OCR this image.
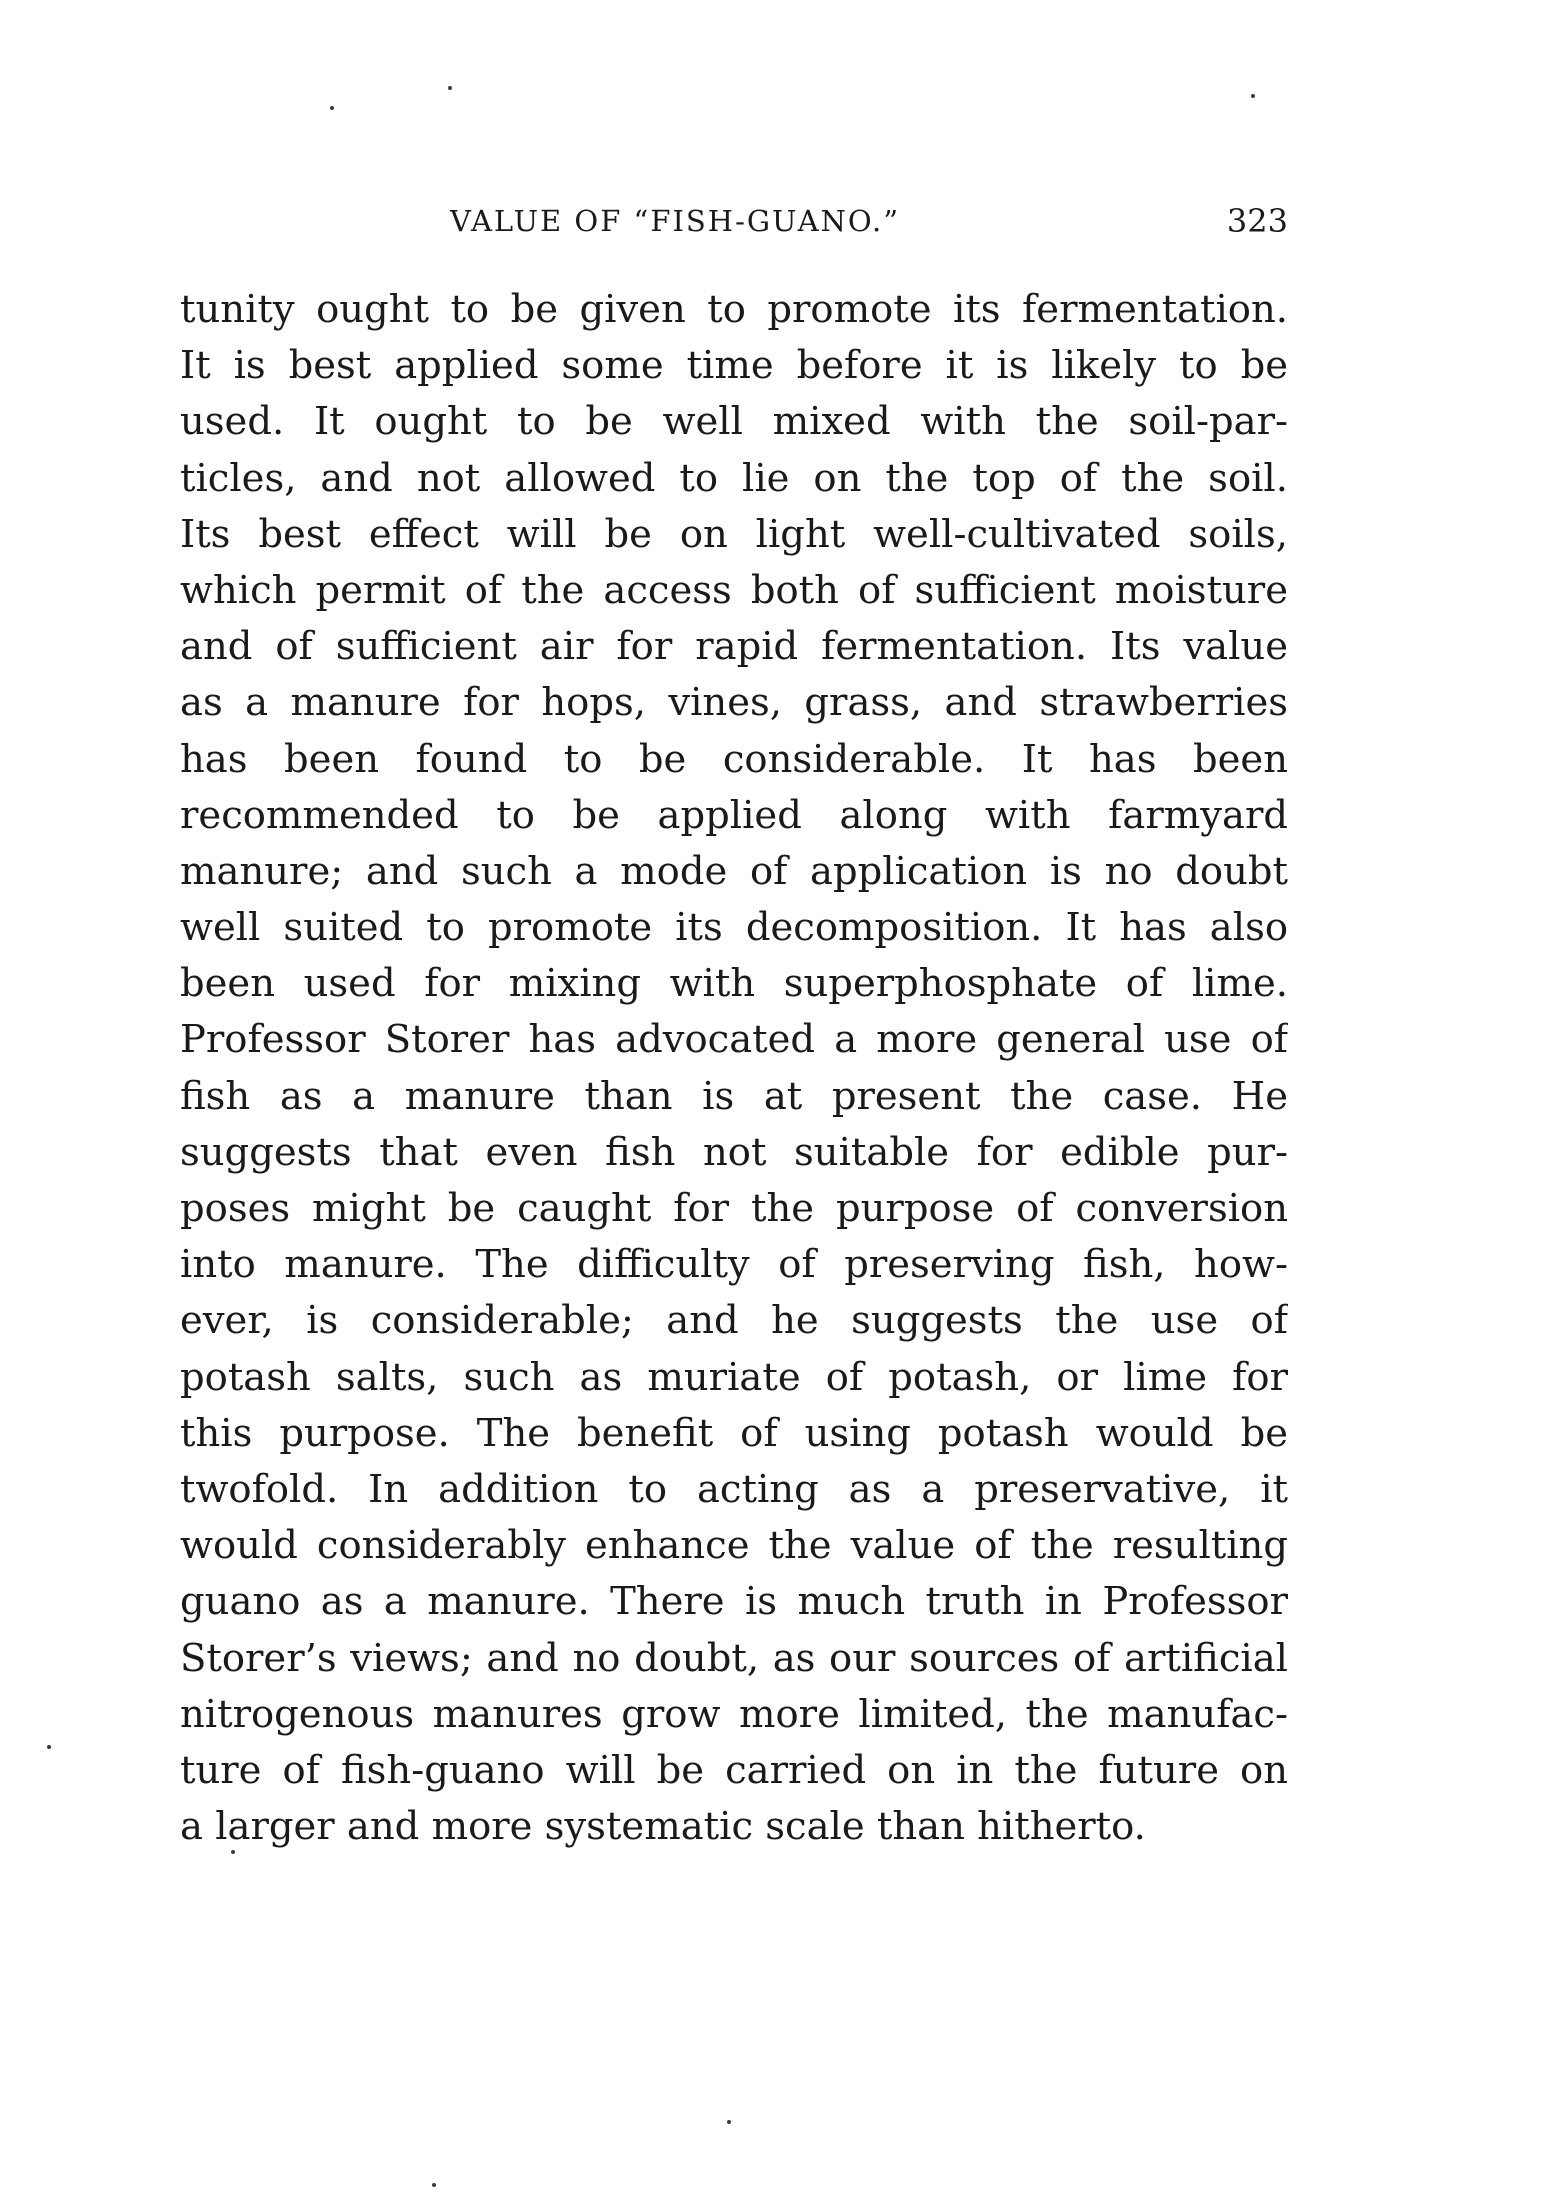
VALUE OF “FISH-GUANO.”	323
tunity ought to be given to promote its fermentation.
It is best applied some time before it is likely to be
used. It ought to be well mixed with the soil-par-
ticles, and not allowed to lie on the top of the soil.
Its best effect will be on light well-cultivated soils,
which permit of the access both of sufficient moisture
and of sufficient air for rapid fermentation. Its value
as a manure for hops, vines, grass, and strawberries
has been found to be considerable. It has been
recommended to be applied along with farmyard
manure; and such a mode of application is no doubt
well suited to promote its decomposition. It has also
been used for mixing with superphosphate of lime.
Professor Storer has advocated a more general use of
fish as a manure than is at present the case. He
suggests that even fish not suitable for edible pur-
poses might be caught for the purpose of conversion
into manure. The difficulty of preserving fish, how-
ever, is considerable; and he suggests the use of
potash salts, such as muriate of potash, or lime for
this purpose. The benefit of using potash would be
twofold. In addition to acting as a preservative, it
would considerably enhance the value of the resulting
guano as a manure. There is much truth in Professor
Storer’s views; and no doubt, as our sources of artificial
nitrogenous manures grow more limited, the manufac-
ture of fish-guano will be carried on in the future on
a larger and more systematic scale than hitherto.
